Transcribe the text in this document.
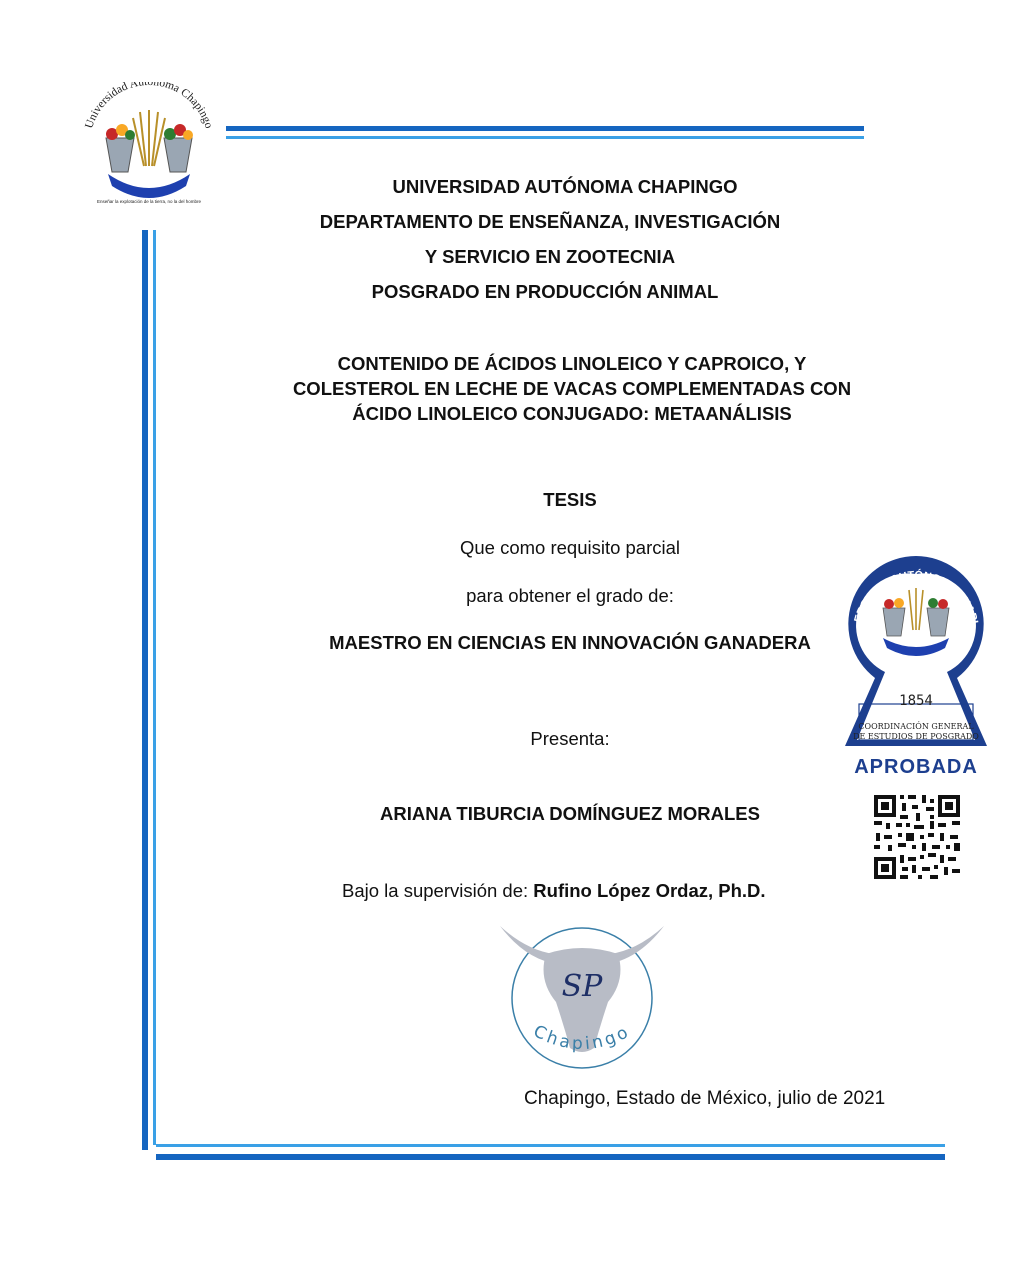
Universidad Autónoma Chapingo
Enseñar la explotación de la tierra, no la del hombre
UNIVERSIDAD AUTÓNOMA CHAPINGO
DEPARTAMENTO DE ENSEÑANZA, INVESTIGACIÓN
Y SERVICIO EN ZOOTECNIA
POSGRADO EN PRODUCCIÓN ANIMAL
CONTENIDO DE ÁCIDOS LINOLEICO Y CAPROICO, Y
COLESTEROL EN LECHE DE VACAS COMPLEMENTADAS CON
ÁCIDO LINOLEICO CONJUGADO: METAANÁLISIS
TESIS
Que como requisito parcial
para obtener el grado de:
MAESTRO EN CIENCIAS EN INNOVACIÓN GANADERA
Presenta:
ARIANA TIBURCIA DOMÍNGUEZ MORALES
Bajo la supervisión de: Rufino López Ordaz, Ph.D.
SP
Chapingo
Chapingo, Estado de México, julio de 2021
ERSIDAD AUTÓNOMA CHAPI
1854
COORDINACIÓN GENERAL
DE ESTUDIOS DE POSGRADO
APROBADA
